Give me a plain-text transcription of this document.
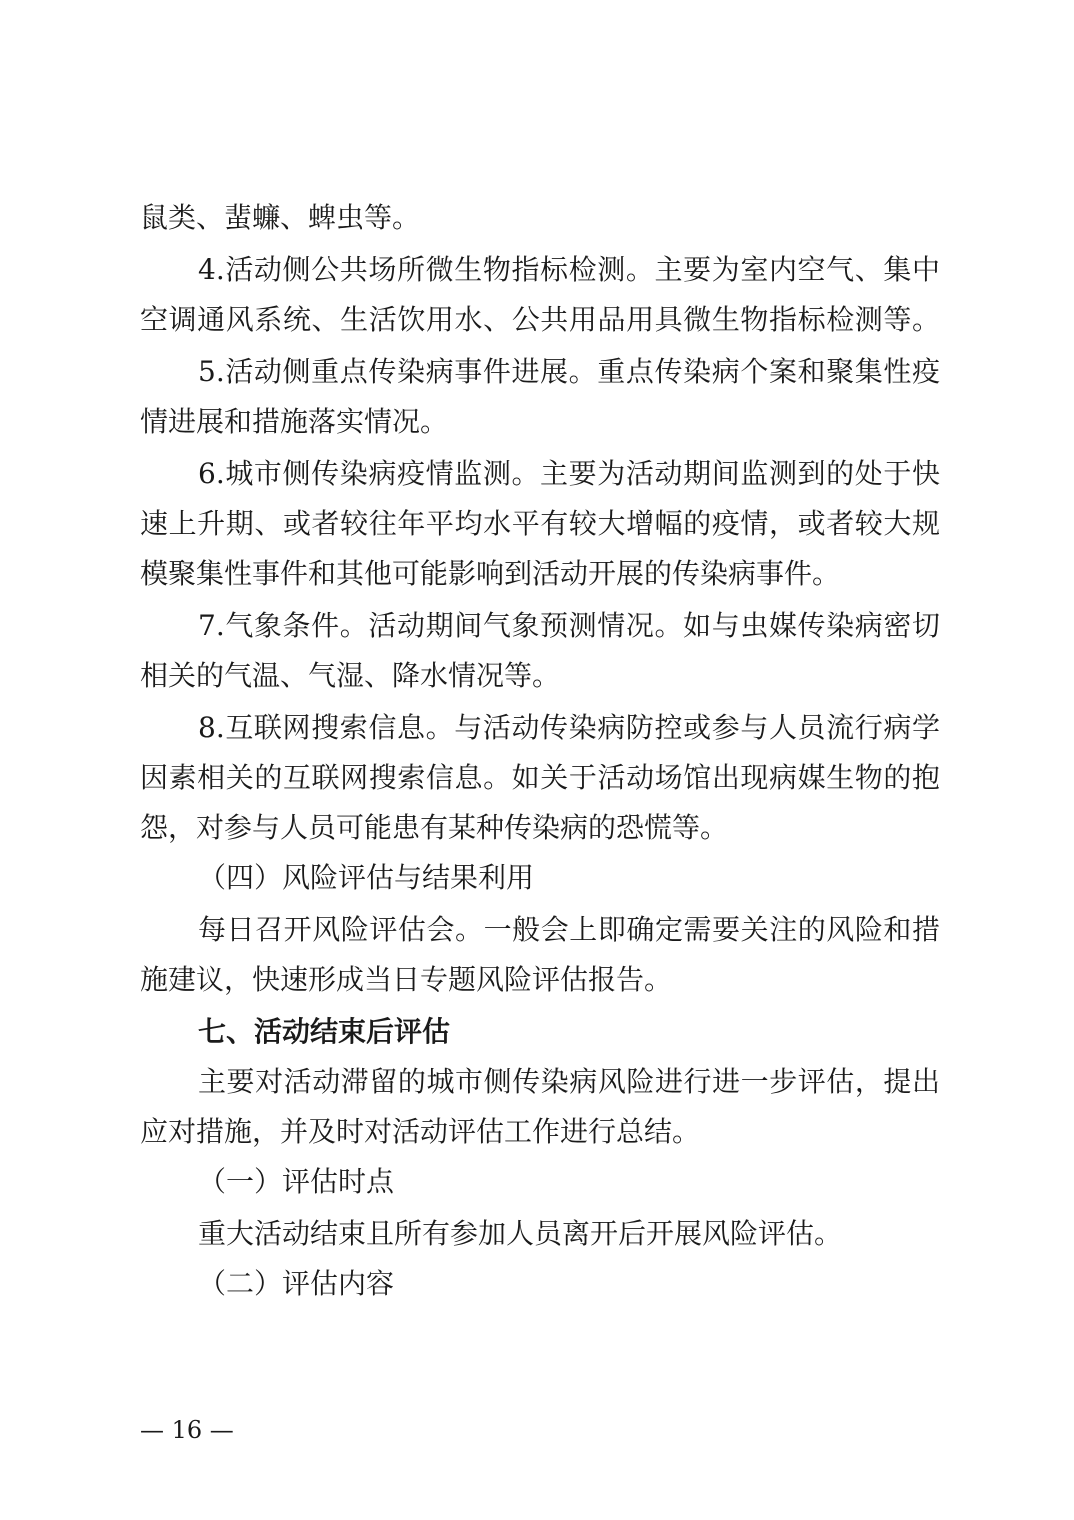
鼠类、蜚蠊、蜱虫等。
4.活动侧公共场所微生物指标检测。主要为室内空气、集中
空调通风系统、生活饮用水、公共用品用具微生物指标检测等。
5.活动侧重点传染病事件进展。重点传染病个案和聚集性疫
情进展和措施落实情况。
6.城市侧传染病疫情监测。主要为活动期间监测到的处于快
速上升期、或者较往年平均水平有较大增幅的疫情，或者较大规
模聚集性事件和其他可能影响到活动开展的传染病事件。
7.气象条件。活动期间气象预测情况。如与虫媒传染病密切
相关的气温、气湿、降水情况等。
8.互联网搜索信息。与活动传染病防控或参与人员流行病学
因素相关的互联网搜索信息。如关于活动场馆出现病媒生物的抱
怨，对参与人员可能患有某种传染病的恐慌等。
（四）风险评估与结果利用
每日召开风险评估会。一般会上即确定需要关注的风险和措
施建议，快速形成当日专题风险评估报告。
七、活动结束后评估
主要对活动滞留的城市侧传染病风险进行进一步评估，提出
应对措施，并及时对活动评估工作进行总结。
（一）评估时点
重大活动结束且所有参加人员离开后开展风险评估。
（二）评估内容
— 16 —
